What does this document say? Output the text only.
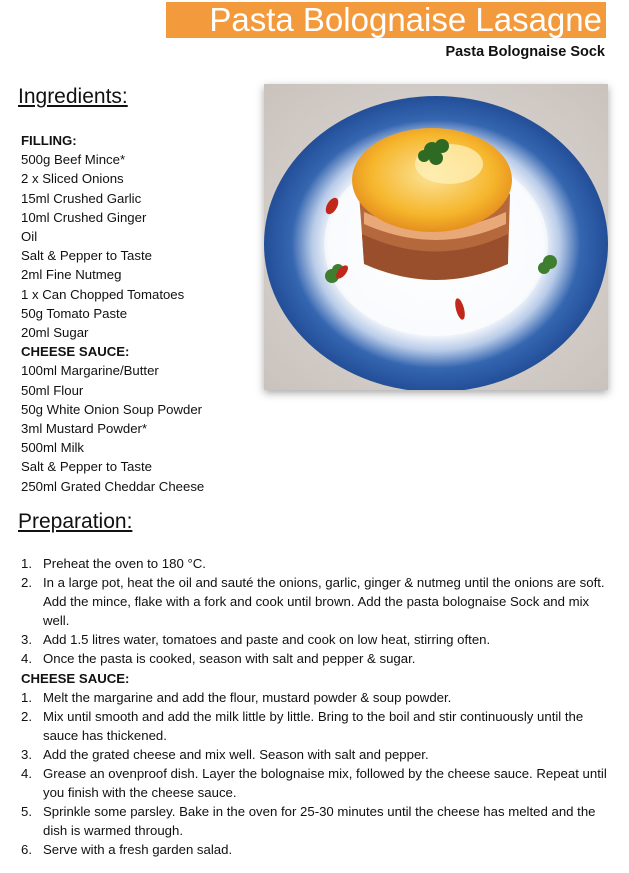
Pasta Bolognaise Lasagne
Pasta Bolognaise Sock
Ingredients:
FILLING:
500g Beef Mince*
2 x Sliced Onions
15ml Crushed Garlic
10ml Crushed Ginger
Oil
Salt & Pepper to Taste
2ml Fine Nutmeg
1 x Can Chopped Tomatoes
50g Tomato Paste
20ml Sugar
CHEESE SAUCE:
100ml Margarine/Butter
50ml Flour
50g White Onion Soup Powder
3ml Mustard Powder*
500ml Milk
Salt & Pepper to Taste
250ml Grated Cheddar Cheese
Preparation:
1. Preheat the oven to 180 °C.
2. In a large pot, heat the oil and sauté the onions, garlic, ginger & nutmeg until the onions are soft. Add the mince, flake with a fork and cook until brown. Add the pasta bolognaise Sock and mix well.
3. Add 1.5 litres water, tomatoes and paste and cook on low heat, stirring often.
4. Once the pasta is cooked, season with salt and pepper & sugar.
CHEESE SAUCE:
1. Melt the margarine and add the flour, mustard powder & soup powder.
2. Mix until smooth and add the milk little by little. Bring to the boil and stir continuously until the sauce has thickened.
3. Add the grated cheese and mix well. Season with salt and pepper.
4. Grease an ovenproof dish. Layer the bolognaise mix, followed by the cheese sauce. Repeat until you finish with the cheese sauce.
5. Sprinkle some parsley. Bake in the oven for 25-30 minutes until the cheese has melted and the dish is warmed through.
6. Serve with a fresh garden salad.
